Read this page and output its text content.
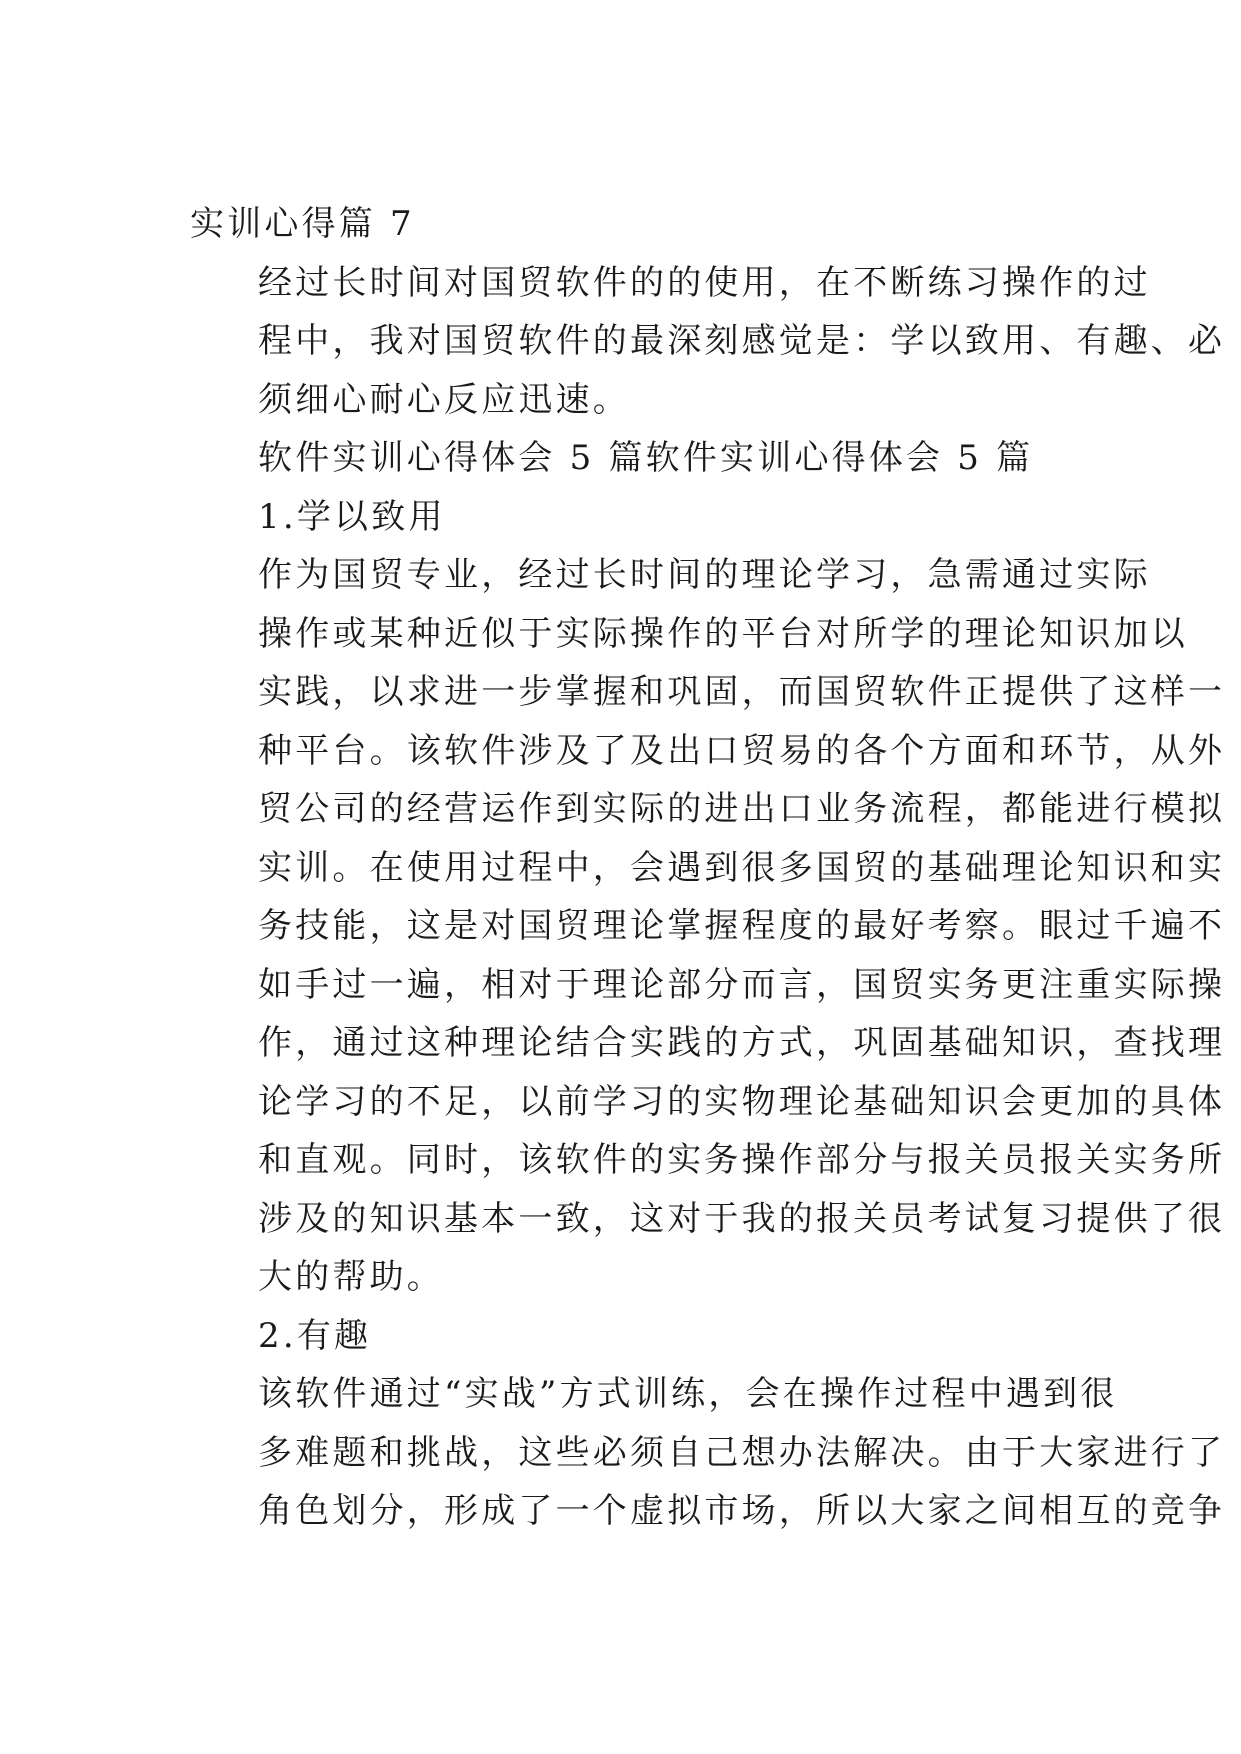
实训心得篇 7

经过长时间对国贸软件的的使用，在不断练习操作的过
程中，我对国贸软件的最深刻感觉是：学以致用、有趣、必
须细心耐心反应迅速。

软件实训心得体会 5 篇软件实训心得体会 5 篇

1.学以致用

作为国贸专业，经过长时间的理论学习，急需通过实际
操作或某种近似于实际操作的平台对所学的理论知识加以
实践，以求进一步掌握和巩固，而国贸软件正提供了这样一
种平台。该软件涉及了及出口贸易的各个方面和环节，从外
贸公司的经营运作到实际的进出口业务流程，都能进行模拟
实训。在使用过程中，会遇到很多国贸的基础理论知识和实
务技能，这是对国贸理论掌握程度的最好考察。眼过千遍不
如手过一遍，相对于理论部分而言，国贸实务更注重实际操
作，通过这种理论结合实践的方式，巩固基础知识，查找理
论学习的不足，以前学习的实物理论基础知识会更加的具体
和直观。同时，该软件的实务操作部分与报关员报关实务所
涉及的知识基本一致，这对于我的报关员考试复习提供了很
大的帮助。

2.有趣

该软件通过“实战”方式训练，会在操作过程中遇到很
多难题和挑战，这些必须自己想办法解决。由于大家进行了
角色划分，形成了一个虚拟市场，所以大家之间相互的竞争
